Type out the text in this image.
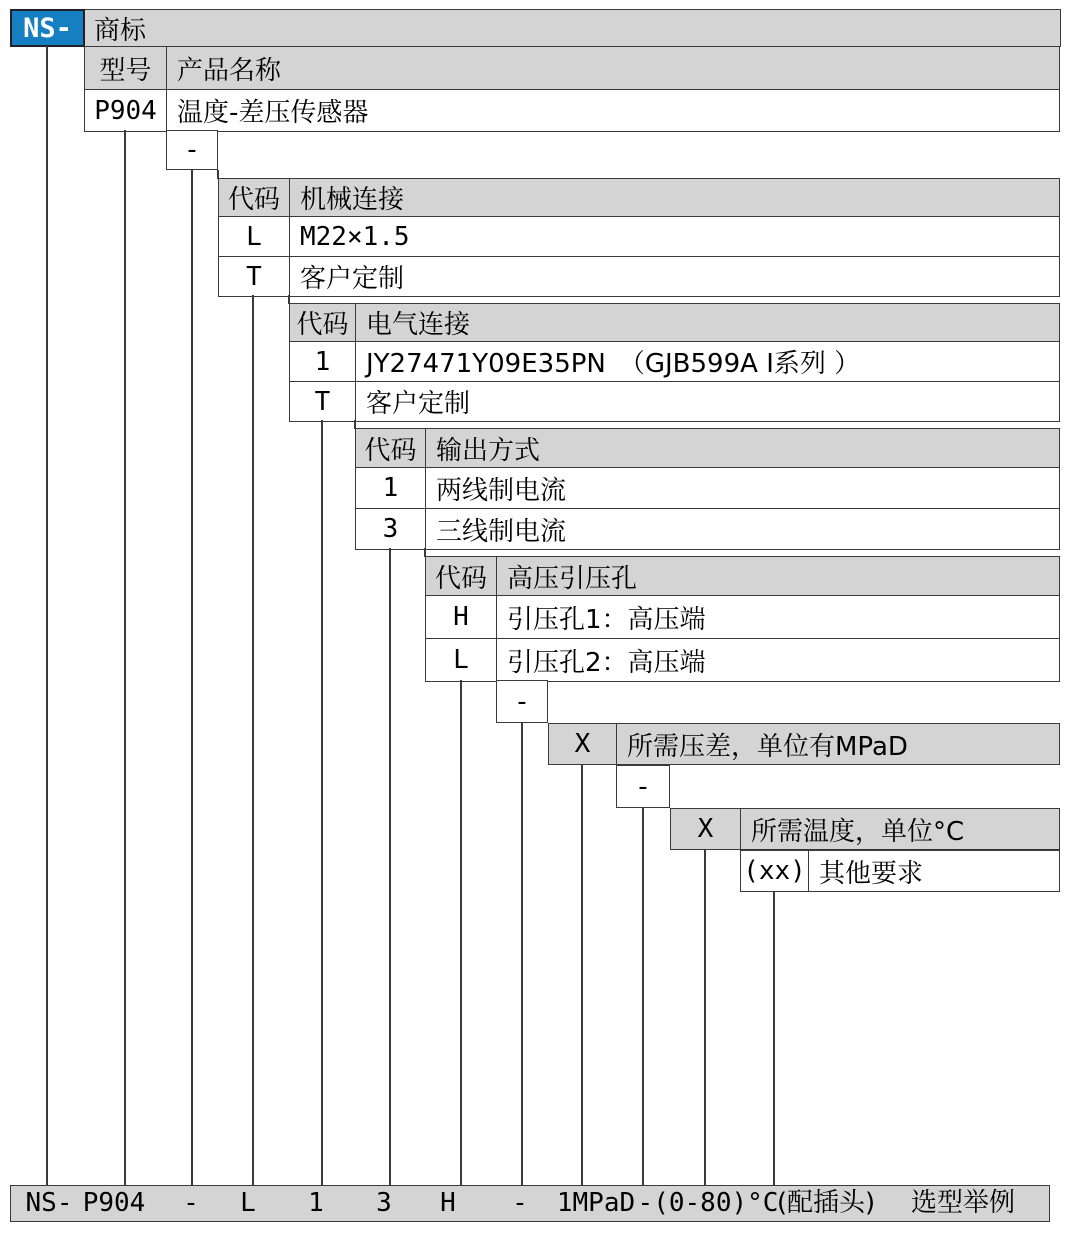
NS- 商标
型号 产品名称
P904 温度-差压传感器
-
代码 机械连接
L	M22×1.5
T	客户定制
代码 电气连接
1	JY27471Y09E35PN　（GJB599A Ⅰ系列 ）
T	客户定制
代码 输出方式
1	两线制电流
3	三线制电流
代码 高压引压孔
H	引压孔1：高压端
L	引压孔2：高压端
-
X	所需压差，单位有MPaD
-
X	所需温度，单位°C
(xx) 其他要求
NS- P904 - L 1 3 H - 1MPaD -(0-80)°C
(配插头) 选型举例
